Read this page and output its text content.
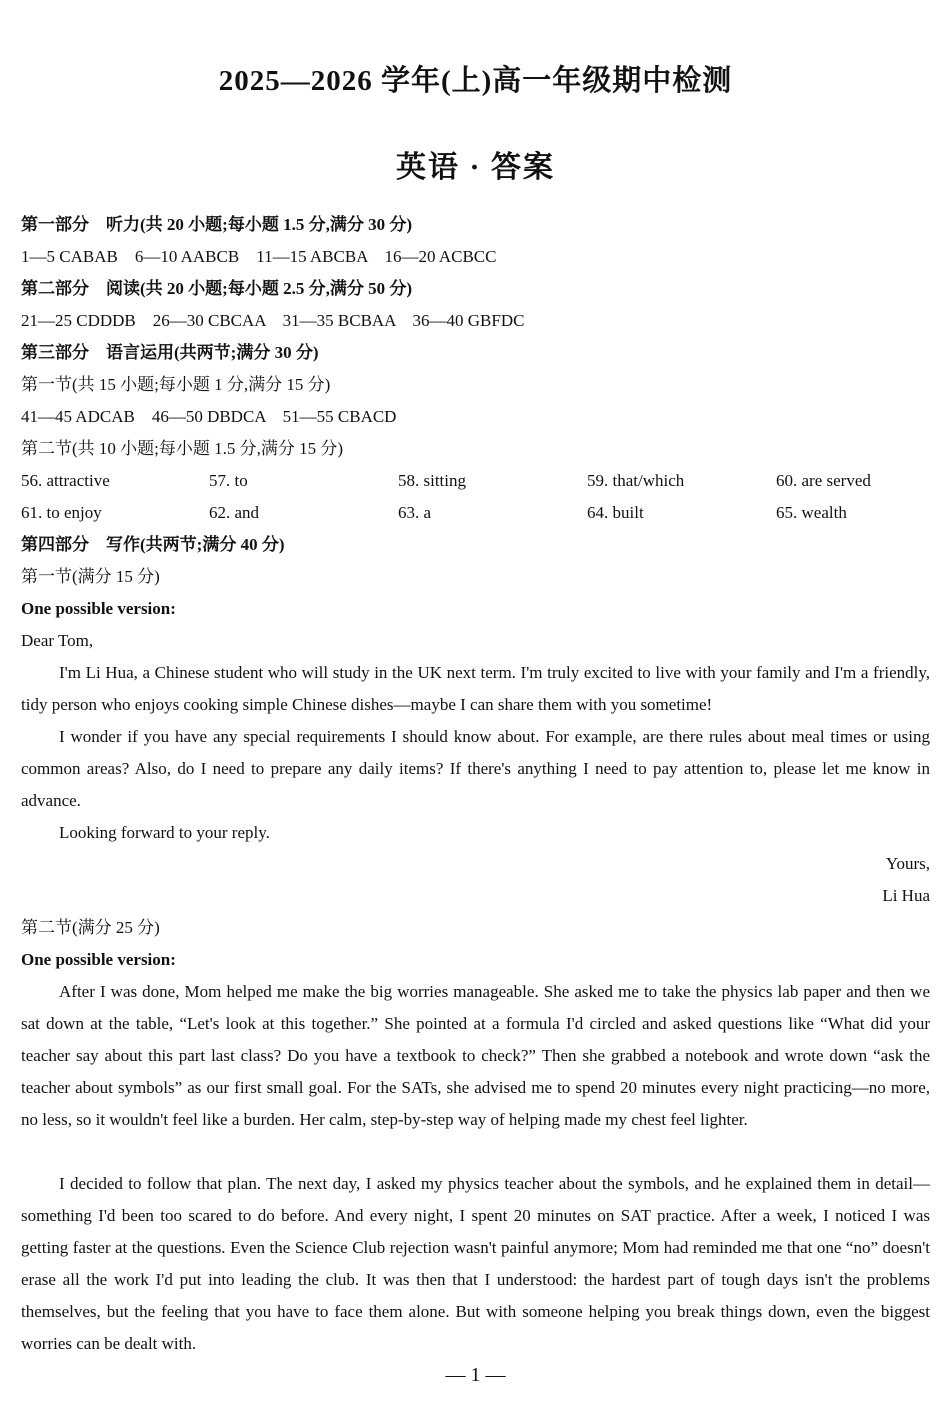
2025—2026 学年(上)高一年级期中检测
英语 · 答案
第一部分　听力(共 20 小题;每小题 1.5 分,满分 30 分)
1—5 CABAB　6—10 AABCB　11—15 ABCBA　16—20 ACBCC
第二部分　阅读(共 20 小题;每小题 2.5 分,满分 50 分)
21—25 CDDDB　26—30 CBCAA　31—35 BCBAA　36—40 GBFDC
第三部分　语言运用(共两节;满分 30 分)
第一节(共 15 小题;每小题 1 分,满分 15 分)
41—45 ADCAB　46—50 DBDCA　51—55 CBACD
第二节(共 10 小题;每小题 1.5 分,满分 15 分)
56. attractive	57. to	58. sitting	59. that/which	60. are served
61. to enjoy	62. and	63. a	64. built	65. wealth
第四部分　写作(共两节;满分 40 分)
第一节(满分 15 分)
One possible version:
Dear Tom,
I'm Li Hua, a Chinese student who will study in the UK next term. I'm truly excited to live with your family and I'm a friendly, tidy person who enjoys cooking simple Chinese dishes—maybe I can share them with you sometime!
I wonder if you have any special requirements I should know about. For example, are there rules about meal times or using common areas? Also, do I need to prepare any daily items? If there's anything I need to pay attention to, please let me know in advance.
Looking forward to your reply.
Yours,
Li Hua
第二节(满分 25 分)
One possible version:
After I was done, Mom helped me make the big worries manageable. She asked me to take the physics lab paper and then we sat down at the table, “Let's look at this together.” She pointed at a formula I'd circled and asked questions like “What did your teacher say about this part last class? Do you have a textbook to check?” Then she grabbed a notebook and wrote down “ask the teacher about symbols” as our first small goal. For the SATs, she advised me to spend 20 minutes every night practicing—no more, no less, so it wouldn't feel like a burden. Her calm, step-by-step way of helping made my chest feel lighter.
I decided to follow that plan. The next day, I asked my physics teacher about the symbols, and he explained them in detail—something I'd been too scared to do before. And every night, I spent 20 minutes on SAT practice. After a week, I noticed I was getting faster at the questions. Even the Science Club rejection wasn't painful anymore; Mom had reminded me that one “no” doesn't erase all the work I'd put into leading the club. It was then that I understood: the hardest part of tough days isn't the problems themselves, but the feeling that you have to face them alone. But with someone helping you break things down, even the biggest worries can be dealt with.
— 1 —
